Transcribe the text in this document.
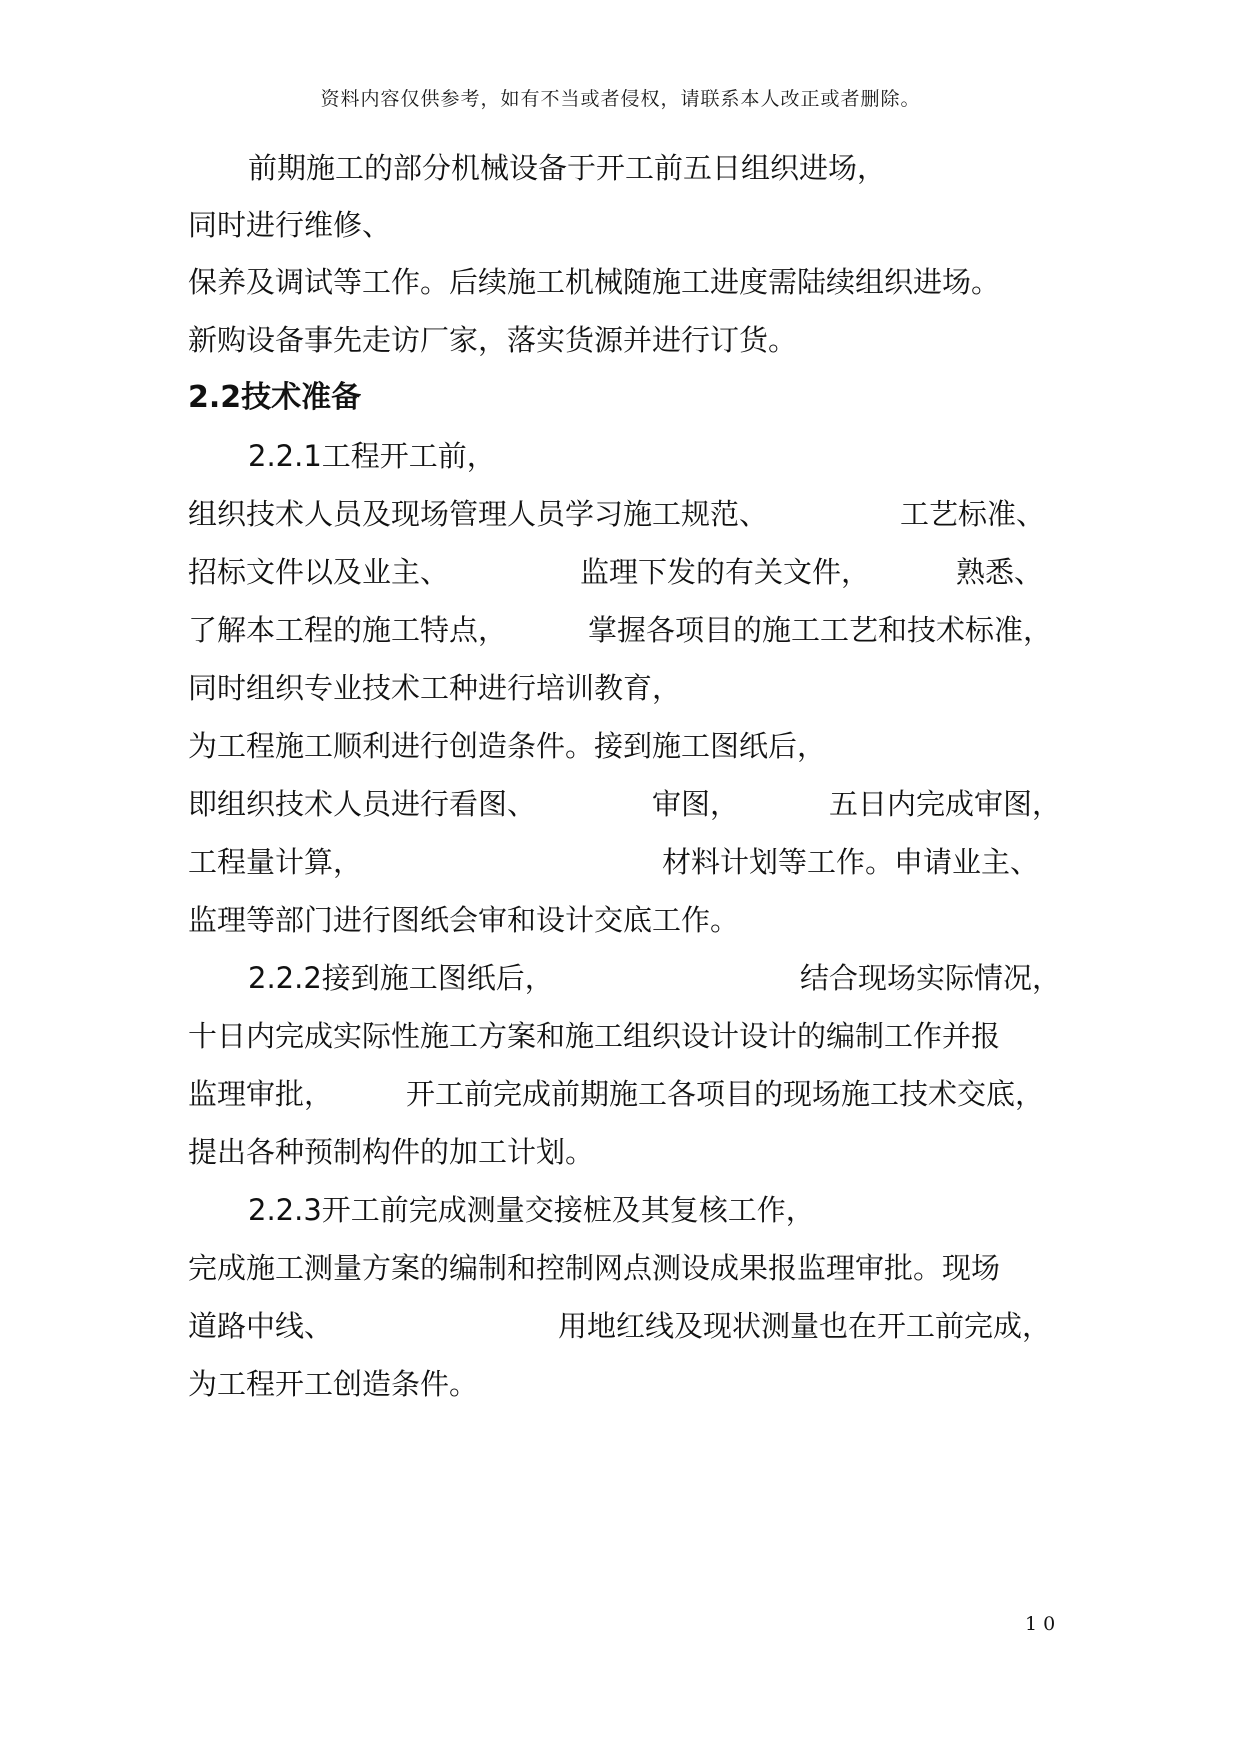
资料内容仅供参考，如有不当或者侵权，请联系本人改正或者删除。
前期施工的部分机械设备于开工前五日组织进场，
同时进行维修、
保养及调试等工作。后续施工机械随施工进度需陆续组织进场。
新购设备事先走访厂家，落实货源并进行订货。
2.2技术准备
2.2.1工程开工前，
组织技术人员及现场管理人员学习施工规范、	工艺标准、
招标文件以及业主、	监理下发的有关文件，	熟悉、
了解本工程的施工特点，	掌握各项目的施工工艺和技术标准，
同时组织专业技术工种进行培训教育，
为工程施工顺利进行创造条件。接到施工图纸后，
即组织技术人员进行看图、	审图，	五日内完成审图，
工程量计算，	材料计划等工作。申请业主、
监理等部门进行图纸会审和设计交底工作。
2.2.2接到施工图纸后，	结合现场实际情况，
十日内完成实际性施工方案和施工组织设计设计的编制工作并报
监理审批，	开工前完成前期施工各项目的现场施工技术交底，
提出各种预制构件的加工计划。
2.2.3开工前完成测量交接桩及其复核工作，
完成施工测量方案的编制和控制网点测设成果报监理审批。现场
道路中线、	用地红线及现状测量也在开工前完成，
为工程开工创造条件。
10
